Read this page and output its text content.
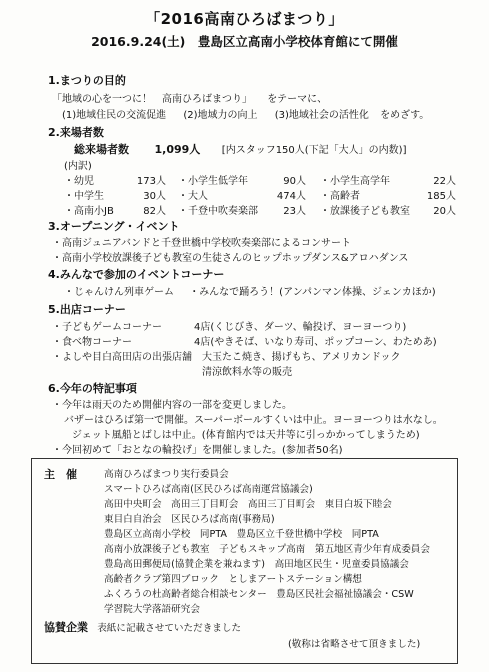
「2016高南ひろばまつり」
2016.9.24(土)　豊島区立高南小学校体育館にて開催
1.まつりの目的
「地域の心を一つに！　高南ひろばまつり」 をテーマに、
(1)地域住民の交流促進 (2)地域力の向上 (3)地域社会の活性化 をめざす。
2.来場者数
総来場者数 1,099人 [内スタッフ150人(下記「大人」の内数)]
(内訳)
・幼児	173人 ・小学生低学年	90人 ・小学生高学年	22人
・中学生	30人 ・大人	474人 ・高齢者	185人
・高南小JB	82人 ・千登中吹奏楽部	23人 ・放課後子ども教室 20人
3.オープニング・イベント
・高南ジュニアバンドと千登世橋中学校吹奏楽部によるコンサート
・高南小学校放課後子ども教室の生徒さんのヒップホップダンス&アロハダンス
4.みんなで参加のイベントコーナー
・じゃんけん列車ゲーム ・みんなで踊ろう！(アンパンマン体操、ジェンカほか)
5.出店コーナー
・子どもゲームコーナー	4店(くじびき、ダーツ、輪投げ、ヨーヨーつり)
・食べ物コーナー	4店(やきそば、いなり寿司、ポップコーン、わためあ)
・よしや目白高田店の出張店舗 大玉たこ焼き、揚げもち、アメリカンドック
清涼飲料水等の販売
6.今年の特記事項
・今年は雨天のため開催内容の一部を変更しました。
バザーはひろば第一で開催。スーパーボールすくいは中止。ヨーヨーつりは水なし。
ジェット風船とばしは中止。(体育館内では天井等に引っかかってしまうため)
・今回初めて「おとなの輪投げ」を開催しました。(参加者50名)
主　催	高南ひろばまつり実行委員会
スマートひろば高南(区民ひろば高南運営協議会)
高田中央町会　高田三丁目町会　高田三丁目町会　東目白坂下睦会
東目白自治会　区民ひろば高南(事務局)
豊島区立高南小学校　同PTA　豊島区立千登世橋中学校　同PTA
高南小放課後子ども教室　子どもスキップ高南　第五地区青少年育成委員会
豊島高田郵便局(協賛企業を兼ねます)　高田地区民生・児童委員協議会
高齢者クラブ第四ブロック　としまアートステーション構想
ふくろうの杜高齢者総合相談センター　豊島区民社会福祉協議会・CSW
学習院大学落語研究会
協賛企業 表紙に記載させていただきました
(敬称は省略させて頂きました)
